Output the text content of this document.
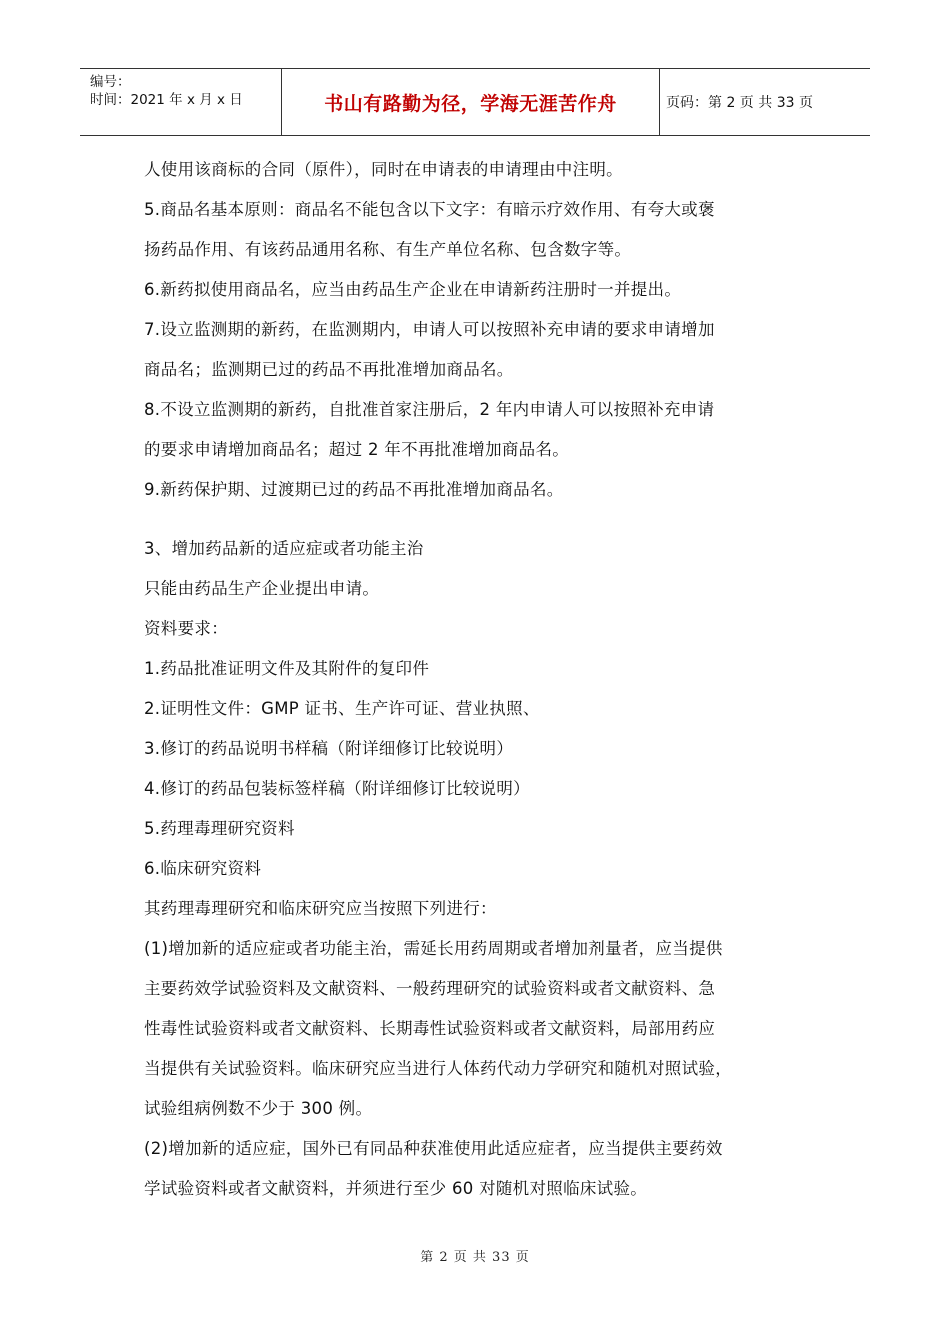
编号：
时间：2021 年 x 月 x 日	书山有路勤为径，学海无涯苦作舟	页码：第 2 页 共 33 页
人使用该商标的合同（原件），同时在申请表的申请理由中注明。
5.商品名基本原则：商品名不能包含以下文字：有暗示疗效作用、有夸大或褒
扬药品作用、有该药品通用名称、有生产单位名称、包含数字等。
6.新药拟使用商品名，应当由药品生产企业在申请新药注册时一并提出。
7.设立监测期的新药，在监测期内，申请人可以按照补充申请的要求申请增加
商品名；监测期已过的药品不再批准增加商品名。
8.不设立监测期的新药，自批准首家注册后，2 年内申请人可以按照补充申请
的要求申请增加商品名；超过 2 年不再批准增加商品名。
9.新药保护期、过渡期已过的药品不再批准增加商品名。
3、增加药品新的适应症或者功能主治
只能由药品生产企业提出申请。
资料要求：
1.药品批准证明文件及其附件的复印件
2.证明性文件：GMP 证书、生产许可证、营业执照、
3.修订的药品说明书样稿（附详细修订比较说明）
4.修订的药品包装标签样稿（附详细修订比较说明）
5.药理毒理研究资料
6.临床研究资料
其药理毒理研究和临床研究应当按照下列进行：
(1)增加新的适应症或者功能主治，需延长用药周期或者增加剂量者，应当提供
主要药效学试验资料及文献资料、一般药理研究的试验资料或者文献资料、急
性毒性试验资料或者文献资料、长期毒性试验资料或者文献资料，局部用药应
当提供有关试验资料。临床研究应当进行人体药代动力学研究和随机对照试验，
试验组病例数不少于 300 例。
(2)增加新的适应症，国外已有同品种获准使用此适应症者，应当提供主要药效
学试验资料或者文献资料，并须进行至少 60 对随机对照临床试验。
第 2 页 共 33 页
